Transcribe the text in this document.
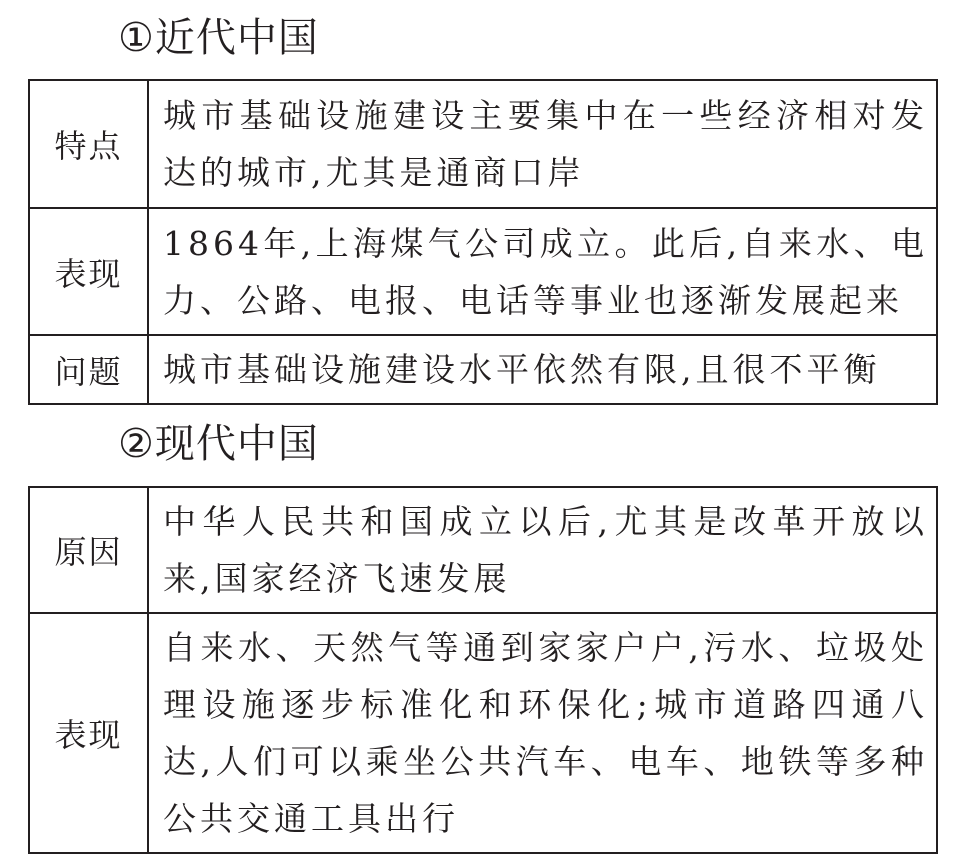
①近代中国
特点	城市基础设施建设主要集中在一些经济相对发达的城市,尤其是通商口岸
表现	1864年,上海煤气公司成立。此后,自来水、电力、公路、电报、电话等事业也逐渐发展起来
问题	城市基础设施建设水平依然有限,且很不平衡
②现代中国
原因	中华人民共和国成立以后,尤其是改革开放以来,国家经济飞速发展
表现	自来水、天然气等通到家家户户,污水、垃圾处理设施逐步标准化和环保化;城市道路四通八达,人们可以乘坐公共汽车、电车、地铁等多种公共交通工具出行
